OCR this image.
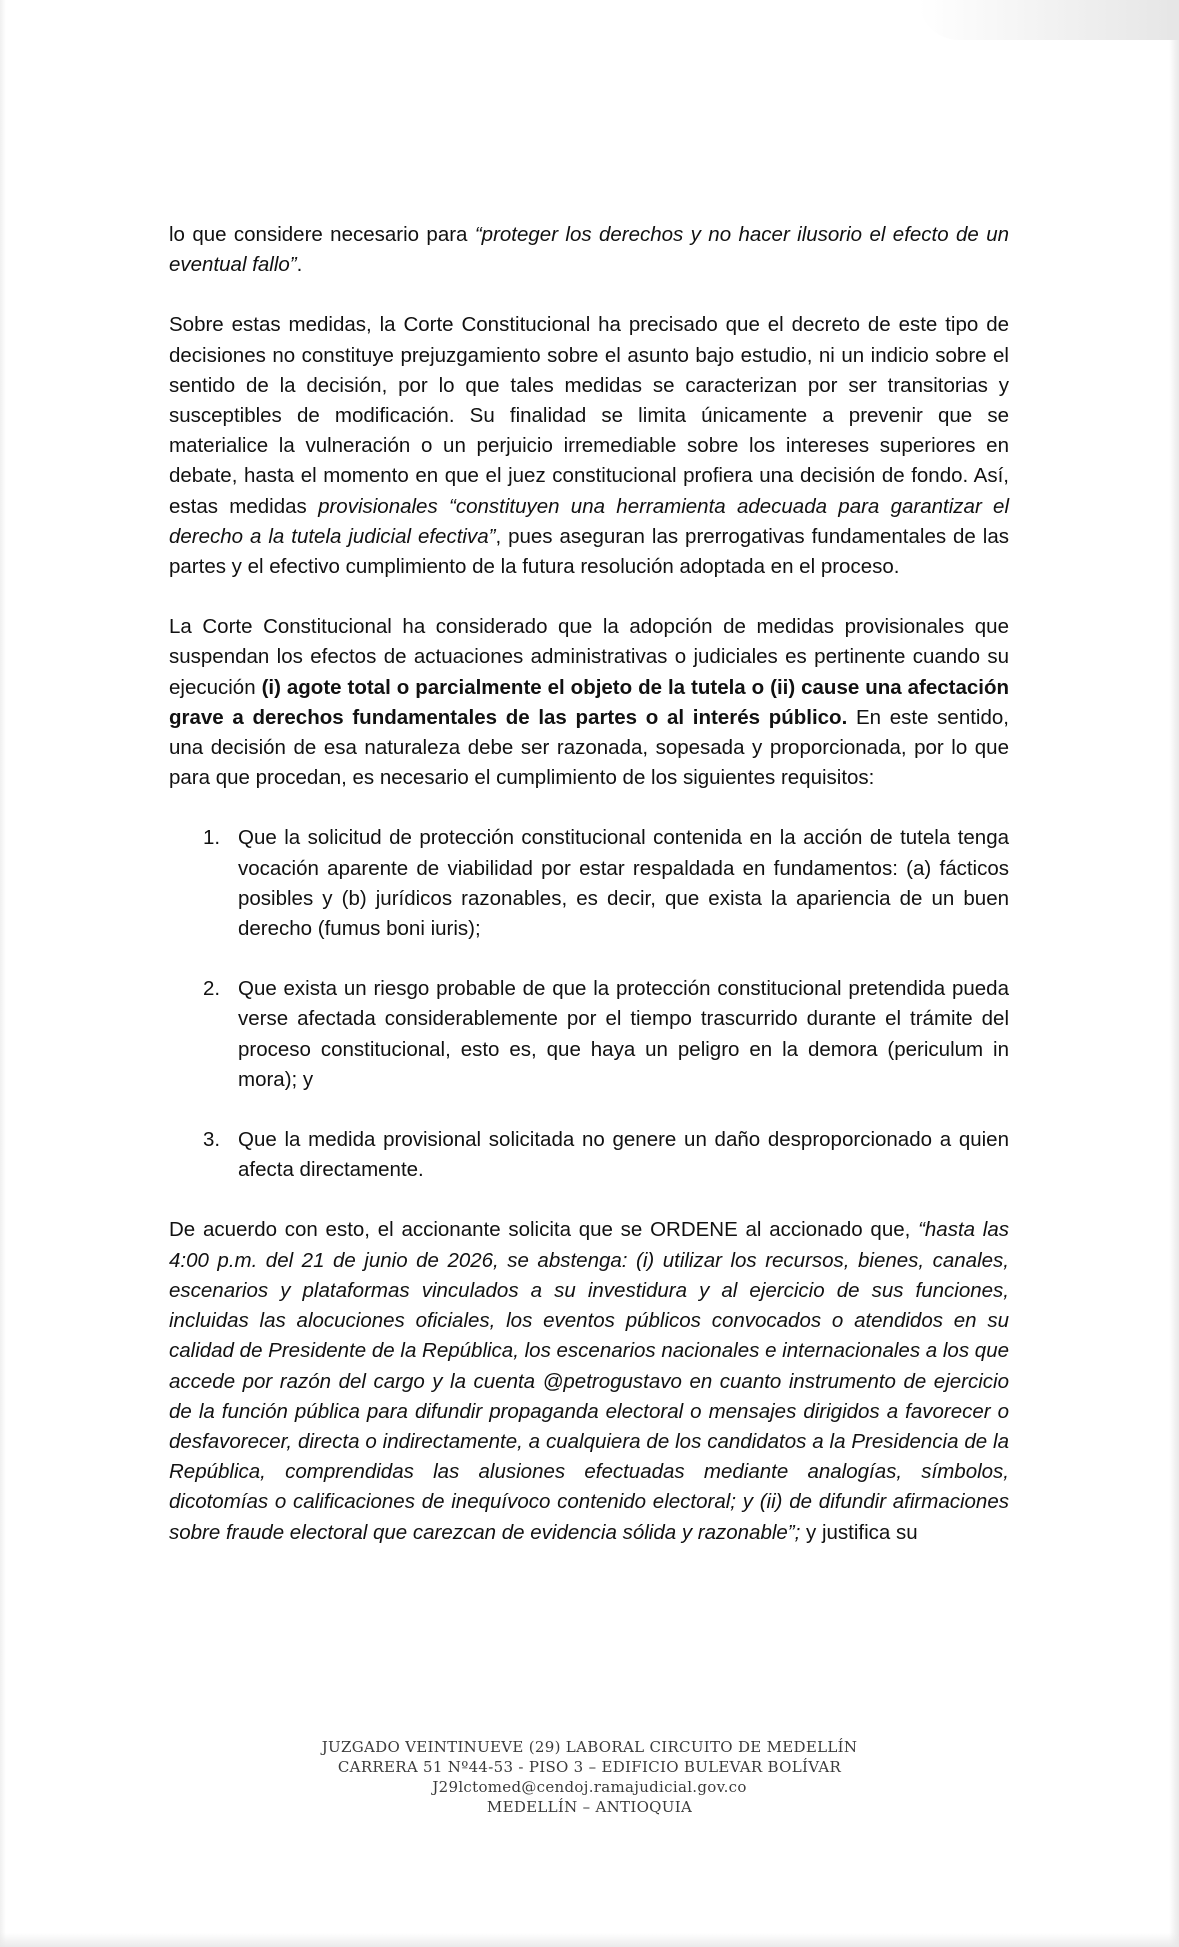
lo que considere necesario para “proteger los derechos y no hacer ilusorio el efecto de un eventual fallo”.

Sobre estas medidas, la Corte Constitucional ha precisado que el decreto de este tipo de decisiones no constituye prejuzgamiento sobre el asunto bajo estudio, ni un indicio sobre el sentido de la decisión, por lo que tales medidas se caracterizan por ser transitorias y susceptibles de modificación. Su finalidad se limita únicamente a prevenir que se materialice la vulneración o un perjuicio irremediable sobre los intereses superiores en debate, hasta el momento en que el juez constitucional profiera una decisión de fondo. Así, estas medidas provisionales “constituyen una herramienta adecuada para garantizar el derecho a la tutela judicial efectiva”, pues aseguran las prerrogativas fundamentales de las partes y el efectivo cumplimiento de la futura resolución adoptada en el proceso.

La Corte Constitucional ha considerado que la adopción de medidas provisionales que suspendan los efectos de actuaciones administrativas o judiciales es pertinente cuando su ejecución (i) agote total o parcialmente el objeto de la tutela o (ii) cause una afectación grave a derechos fundamentales de las partes o al interés público. En este sentido, una decisión de esa naturaleza debe ser razonada, sopesada y proporcionada, por lo que para que procedan, es necesario el cumplimiento de los siguientes requisitos:

1. Que la solicitud de protección constitucional contenida en la acción de tutela tenga vocación aparente de viabilidad por estar respaldada en fundamentos: (a) fácticos posibles y (b) jurídicos razonables, es decir, que exista la apariencia de un buen derecho (fumus boni iuris);
2. Que exista un riesgo probable de que la protección constitucional pretendida pueda verse afectada considerablemente por el tiempo trascurrido durante el trámite del proceso constitucional, esto es, que haya un peligro en la demora (periculum in mora); y
3. Que la medida provisional solicitada no genere un daño desproporcionado a quien afecta directamente.

De acuerdo con esto, el accionante solicita que se ORDENE al accionado que, “hasta las 4:00 p.m. del 21 de junio de 2026, se abstenga: (i) utilizar los recursos, bienes, canales, escenarios y plataformas vinculados a su investidura y al ejercicio de sus funciones, incluidas las alocuciones oficiales, los eventos públicos convocados o atendidos en su calidad de Presidente de la República, los escenarios nacionales e internacionales a los que accede por razón del cargo y la cuenta @petrogustavo en cuanto instrumento de ejercicio de la función pública para difundir propaganda electoral o mensajes dirigidos a favorecer o desfavorecer, directa o indirectamente, a cualquiera de los candidatos a la Presidencia de la República, comprendidas las alusiones efectuadas mediante analogías, símbolos, dicotomías o calificaciones de inequívoco contenido electoral; y (ii) de difundir afirmaciones sobre fraude electoral que carezcan de evidencia sólida y razonable”; y justifica su

JUZGADO VEINTINUEVE (29) LABORAL CIRCUITO DE MEDELLÍN
CARRERA 51 Nº44-53 - PISO 3 – EDIFICIO BULEVAR BOLÍVAR
J29lctomed@cendoj.ramajudicial.gov.co
MEDELLÍN – ANTIOQUIA
